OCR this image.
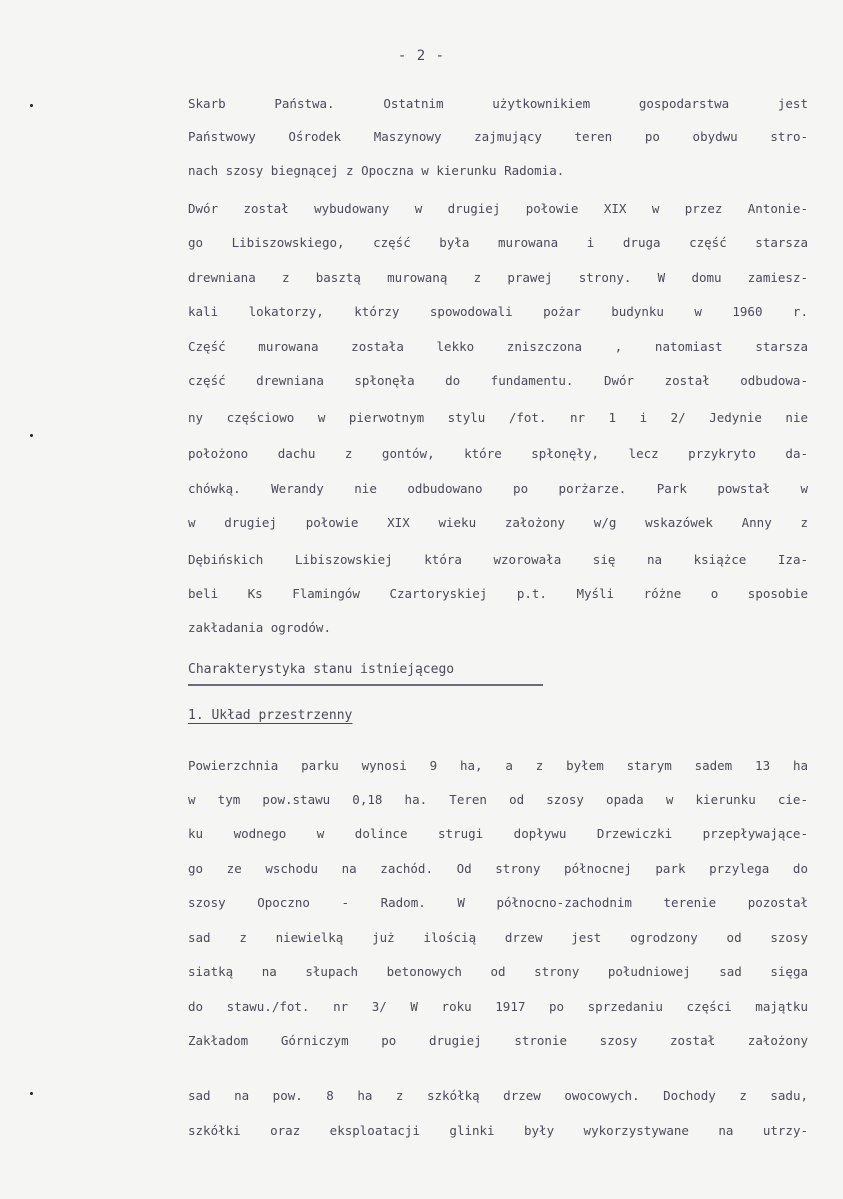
- 2 -
Skarb Państwa. Ostatnim użytkownikiem gospodarstwa jest
Państwowy Ośrodek Maszynowy zajmujący teren po obydwu stro-
nach szosy biegnącej z Opoczna w kierunku Radomia.
Dwór został wybudowany w drugiej połowie XIX w przez Antonie-
go Libiszowskiego, część była murowana i druga część starsza
drewniana z basztą murowaną z prawej strony. W domu zamiesz-
kali lokatorzy, którzy spowodowali pożar budynku w 1960 r.
Część murowana została lekko zniszczona , natomiast starsza
część drewniana spłonęła do fundamentu. Dwór został odbudowa-
ny częściowo w pierwotnym stylu /fot. nr 1 i 2/ Jedynie nie
położono dachu z gontów, które spłonęły, lecz przykryto da-
chówką. Werandy nie odbudowano po porżarze. Park powstał w
w drugiej połowie XIX wieku założony w/g wskazówek Anny z
Dębińskich Libiszowskiej która wzorowała się na książce Iza-
beli Ks Flamingów Czartoryskiej p.t. Myśli różne o sposobie
zakładania ogrodów.
Charakterystyka stanu istniejącego
1. Układ przestrzenny
Powierzchnia parku wynosi 9 ha, a z byłem starym sadem 13 ha
w tym pow.stawu 0,18 ha. Teren od szosy opada w kierunku cie-
ku wodnego w dolince strugi dopływu Drzewiczki przepływające-
go ze wschodu na zachód. Od strony północnej park przylega do
szosy Opoczno - Radom. W północno-zachodnim terenie pozostał
sad z niewielką już ilością drzew jest ogrodzony od szosy
siatką na słupach betonowych od strony południowej sad sięga
do stawu./fot. nr 3/ W roku 1917 po sprzedaniu części majątku
Zakładom Górniczym po drugiej stronie szosy został założony
sad na pow. 8 ha z szkółką drzew owocowych. Dochody z sadu,
szkółki oraz eksploatacji glinki były wykorzystywane na utrzy-
